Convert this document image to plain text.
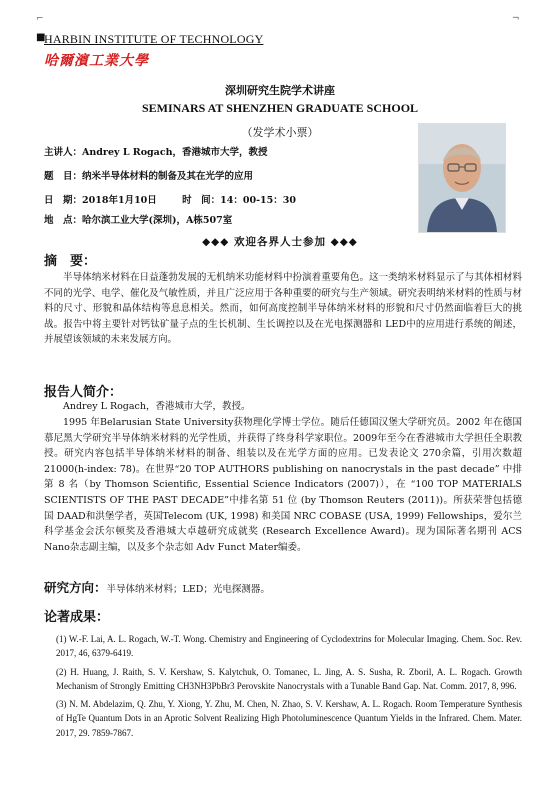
⌐	¬
■
HARBIN INSTITUTE OF TECHNOLOGY
哈爾濱工業大學
深圳研究生院学术讲座
SEMINARS AT SHENZHEN GRADUATE SCHOOL
（发学术小票）
主讲人：Andrey L Rogach，香港城市大学，教授
题　目：纳米半导体材料的制备及其在光学的应用
日　期：2018年1月10日	时　间：14：00-15：30
地　点：哈尔滨工业大学(深圳)，A栋507室
◆◆◆ 欢迎各界人士参加 ◆◆◆
摘　要：
半导体纳米材料在日益蓬勃发展的无机纳米功能材料中扮演着重要角色。这一类纳米材料显示了与其体相材料不同的光学、电学、催化及气敏性质，并且广泛应用于各种重要的研究与生产领域。研究表明纳米材料的性质与材料的尺寸、形貌和晶体结构等息息相关。然而，如何高度控制半导体纳米材料的形貌和尺寸仍然面临着巨大的挑战。报告中将主要针对钙钛矿量子点的生长机制、生长调控以及在光电探测器和 LED中的应用进行系统的阐述，并展望该领域的未来发展方向。
报告人简介：
Andrey L Rogach，香港城市大学，教授。
1995 年Belarusian State University获物理化学博士学位。随后任德国汉堡大学研究员。2002 年在德国慕尼黑大学研究半导体纳米材料的光学性质，并获得了终身科学家职位。2009年至今在香港城市大学担任全职教授。研究内容包括半导体纳米材料的制备、组装以及在光学方面的应用。已发表论文 270余篇，引用次数超 21000(h-index: 78)。在世界“20 TOP AUTHORS publishing on nanocrystals in the past decade” 中排第 8 名（by Thomson Scientific, Essential Science Indicators (2007)），在 “100 TOP MATERIALS SCIENTISTS OF THE PAST DECADE”中排名第 51 位 (by Thomson Reuters (2011))。所获荣誉包括德国 DAAD和洪堡学者，英国Telecom (UK, 1998) 和美国 NRC COBASE (USA, 1999) Fellowships，爱尔兰科学基金会沃尔顿奖及香港城大卓越研究成就奖 (Research Excellence Award)。现为国际著名期刊 ACS Nano杂志副主编，以及多个杂志如 Adv Funct Mater编委。
研究方向：半导体纳米材料；LED；光电探测器。
论著成果：
(1) W.-F. Lai, A. L. Rogach, W.-T. Wong. Chemistry and Engineering of Cyclodextrins for Molecular Imaging. Chem. Soc. Rev. 2017, 46, 6379-6419.
(2) H. Huang, J. Raith, S. V. Kershaw, S. Kalytchuk, O. Tomanec, L. Jing, A. S. Susha, R. Zboril, A. L. Rogach. Growth Mechanism of Strongly Emitting CH3NH3PbBr3 Perovskite Nanocrystals with a Tunable Band Gap. Nat. Comm. 2017, 8, 996.
(3) N. M. Abdelazim, Q. Zhu, Y. Xiong, Y. Zhu, M. Chen, N. Zhao, S. V. Kershaw, A. L. Rogach. Room Temperature Synthesis of HgTe Quantum Dots in an Aprotic Solvent Realizing High Photoluminescence Quantum Yields in the Infrared. Chem. Mater. 2017, 29. 7859-7867.
